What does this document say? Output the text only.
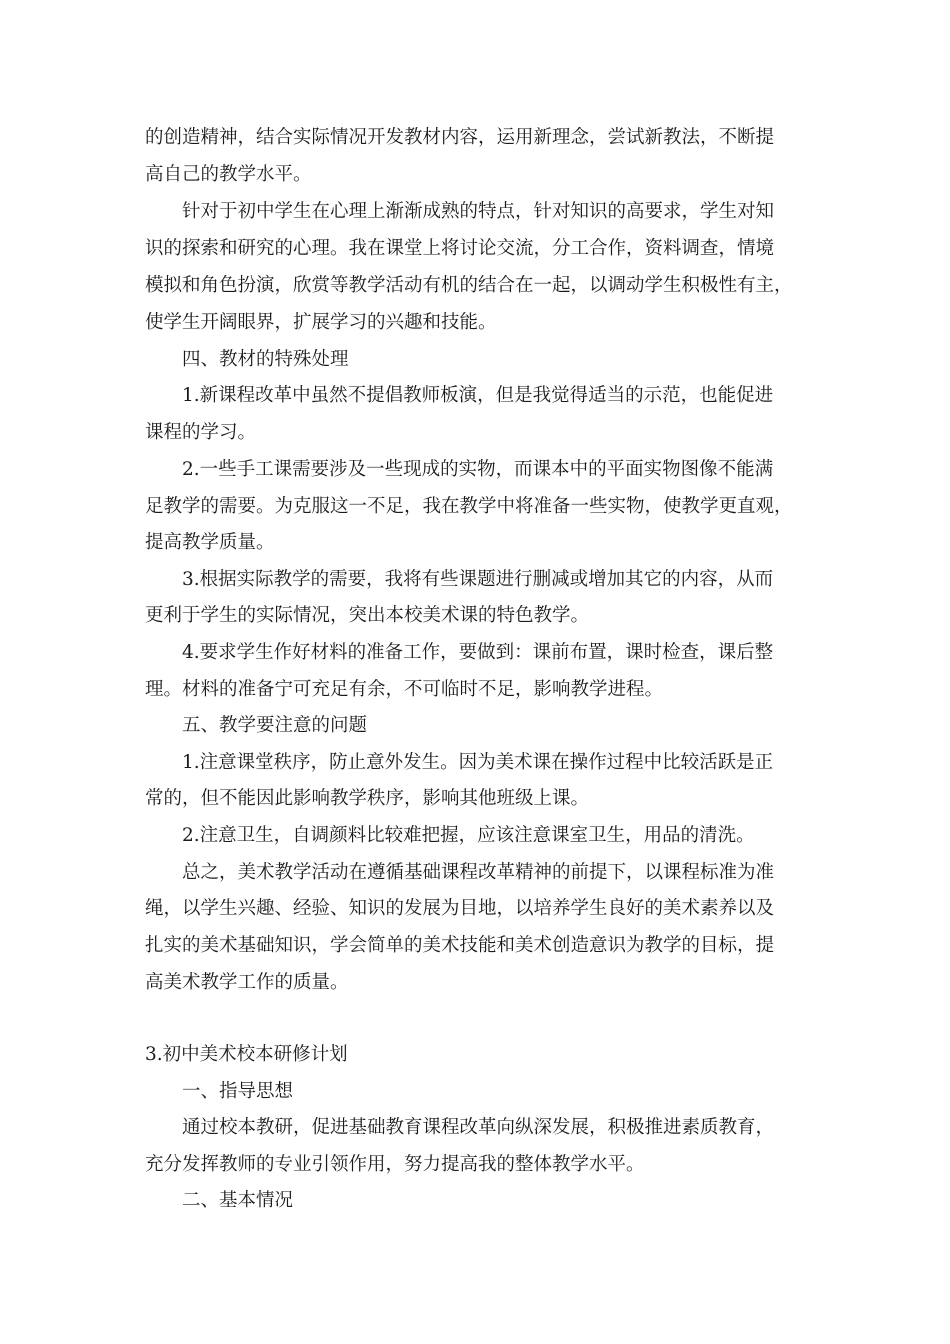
的创造精神，结合实际情况开发教材内容，运用新理念，尝试新教法，不断提

高自己的教学水平。

针对于初中学生在心理上渐渐成熟的特点，针对知识的高要求，学生对知

识的探索和研究的心理。我在课堂上将讨论交流，分工合作，资料调查，情境

模拟和角色扮演，欣赏等教学活动有机的结合在一起，以调动学生积极性有主，

使学生开阔眼界，扩展学习的兴趣和技能。

四、教材的特殊处理

1.新课程改革中虽然不提倡教师板演，但是我觉得适当的示范，也能促进

课程的学习。

2.一些手工课需要涉及一些现成的实物，而课本中的平面实物图像不能满

足教学的需要。为克服这一不足，我在教学中将准备一些实物，使教学更直观，

提高教学质量。

3.根据实际教学的需要，我将有些课题进行删减或增加其它的内容，从而

更利于学生的实际情况，突出本校美术课的特色教学。

4.要求学生作好材料的准备工作，要做到：课前布置，课时检查，课后整

理。材料的准备宁可充足有余，不可临时不足，影响教学进程。

五、教学要注意的问题

1.注意课堂秩序，防止意外发生。因为美术课在操作过程中比较活跃是正

常的，但不能因此影响教学秩序，影响其他班级上课。

2.注意卫生，自调颜料比较难把握，应该注意课室卫生，用品的清洗。

总之，美术教学活动在遵循基础课程改革精神的前提下，以课程标准为准

绳，以学生兴趣、经验、知识的发展为目地，以培养学生良好的美术素养以及

扎实的美术基础知识，学会简单的美术技能和美术创造意识为教学的目标，提

高美术教学工作的质量。

3.初中美术校本研修计划

一、指导思想

通过校本教研，促进基础教育课程改革向纵深发展，积极推进素质教育，

充分发挥教师的专业引领作用，努力提高我的整体教学水平。

二、基本情况
